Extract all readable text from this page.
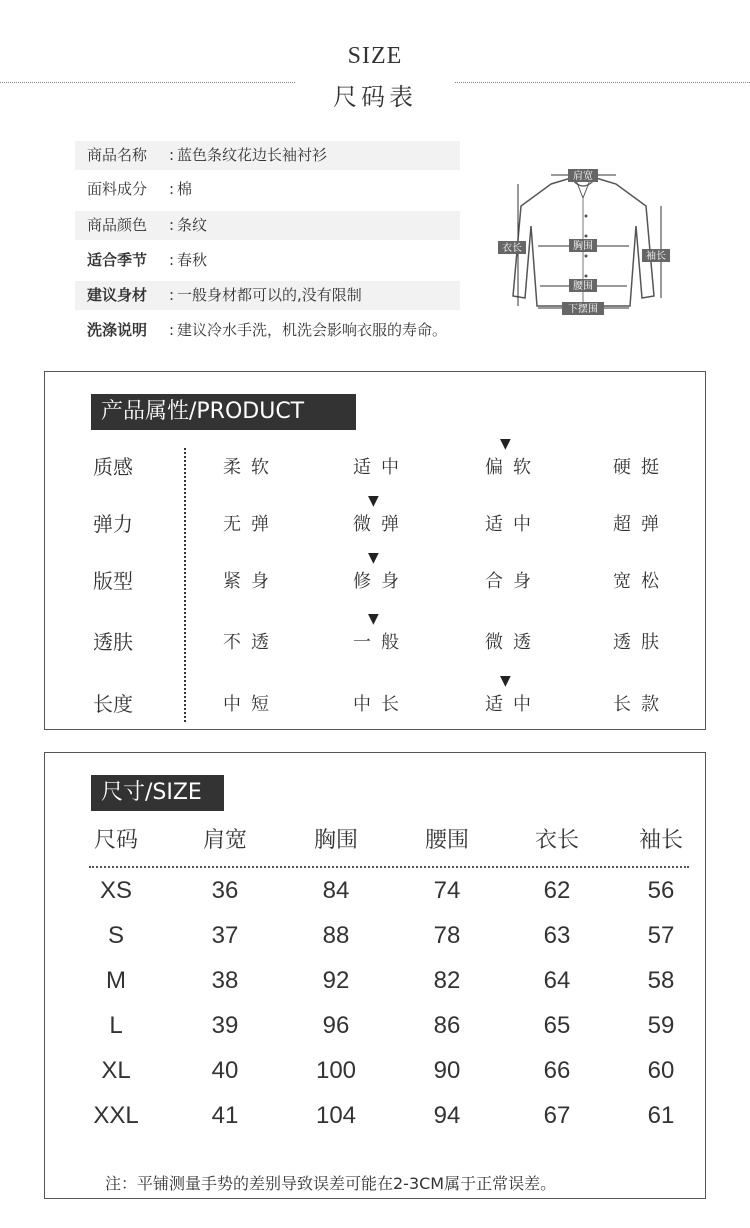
SIZE
尺码表
商品名称 : 蓝色条纹花边长袖衬衫
面料成分 : 棉
商品颜色 : 条纹
适合季节 : 春秋
建议身材 : 一般身材都可以的,没有限制
洗涤说明 : 建议冷水手洗，机洗会影响衣服的寿命。
肩宽
衣长	胸围
袖长
腰围
下摆围
产品属性/PRODUCT
质感	柔软	适中	偏软	硬挺
▼
弹力	无弹	微弹	适中	超弹
▼
版型	紧身	修身	合身	宽松
▼
透肤	不透	一般	微透	透肤
▼
长度	中短	中长	适中	长款
▼
尺寸/SIZE
尺码	肩宽	胸围	腰围	衣长	袖长
XS	36	84	74	62	56
S	37	88	78	63	57
M	38	92	82	64	58
L	39	96	86	65	59
XL	40	100	90	66	60
XXL	41	104	94	67	61
注：平铺测量手势的差别导致误差可能在2-3CM属于正常误差。
